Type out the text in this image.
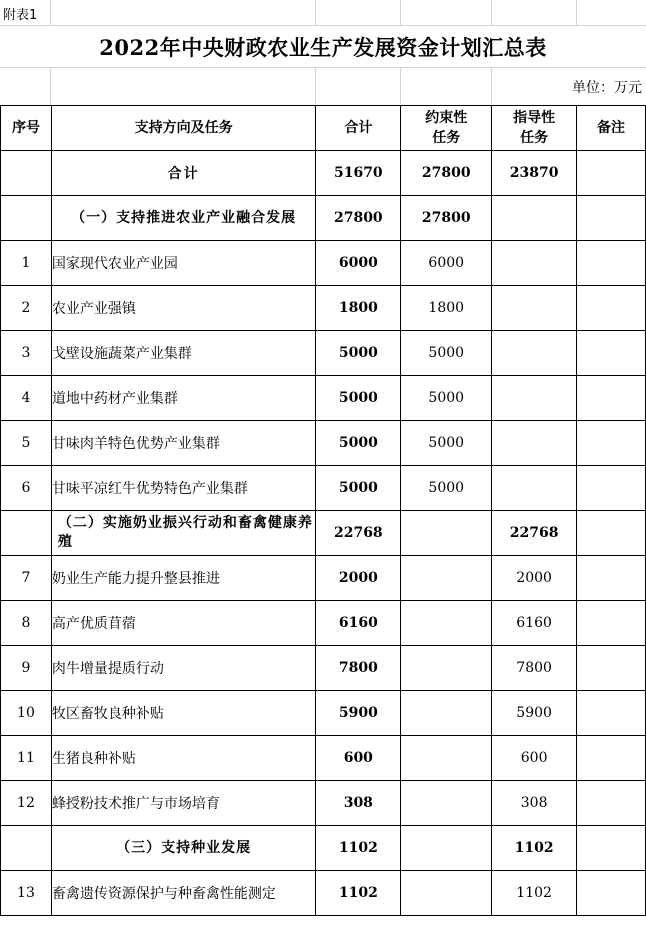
附表1
2022年中央财政农业生产发展资金计划汇总表
单位：万元
序号	支持方向及任务	合计	约束性任务	指导性任务	备注
	合计	51670	27800	23870	
	（一）支持推进农业产业融合发展	27800	27800		
1	国家现代农业产业园	6000	6000		
2	农业产业强镇	1800	1800		
3	戈壁设施蔬菜产业集群	5000	5000		
4	道地中药材产业集群	5000	5000		
5	甘味肉羊特色优势产业集群	5000	5000		
6	甘味平凉红牛优势特色产业集群	5000	5000		
	（二）实施奶业振兴行动和畜禽健康养殖	22768		22768	
7	奶业生产能力提升整县推进	2000		2000	
8	高产优质苜蓿	6160		6160	
9	肉牛增量提质行动	7800		7800	
10	牧区畜牧良种补贴	5900		5900	
11	生猪良种补贴	600		600	
12	蜂授粉技术推广与市场培育	308		308	
	（三）支持种业发展	1102		1102	
13	畜禽遗传资源保护与种畜禽性能测定	1102		1102	
